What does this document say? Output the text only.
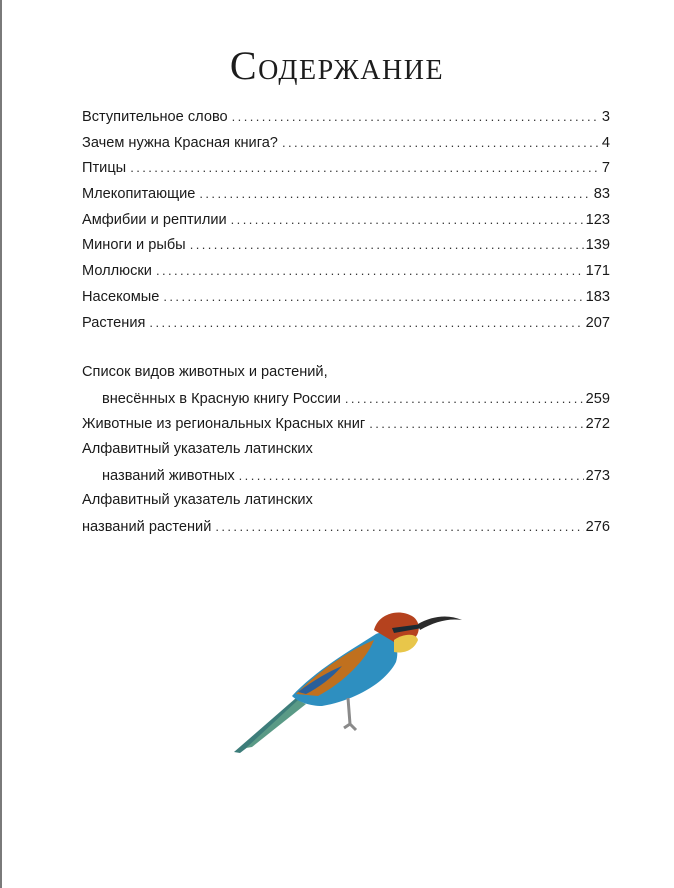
Содержание
Вступительное слово . . .	3
Зачем нужна Красная книга? . . .	4
Птицы . . .	7
Млекопитающие . . .	83
Амфибии и рептилии . . .	123
Миноги и рыбы . . .	139
Моллюски . . .	171
Насекомые . . .	183
Растения . . .	207
Список видов животных и растений,
внесённых в Красную книгу России . . .	259
Животные из региональных Красных книг . . .	272
Алфавитный указатель латинских
названий животных . . .	273
Алфавитный указатель латинских
названий растений . . .	276
